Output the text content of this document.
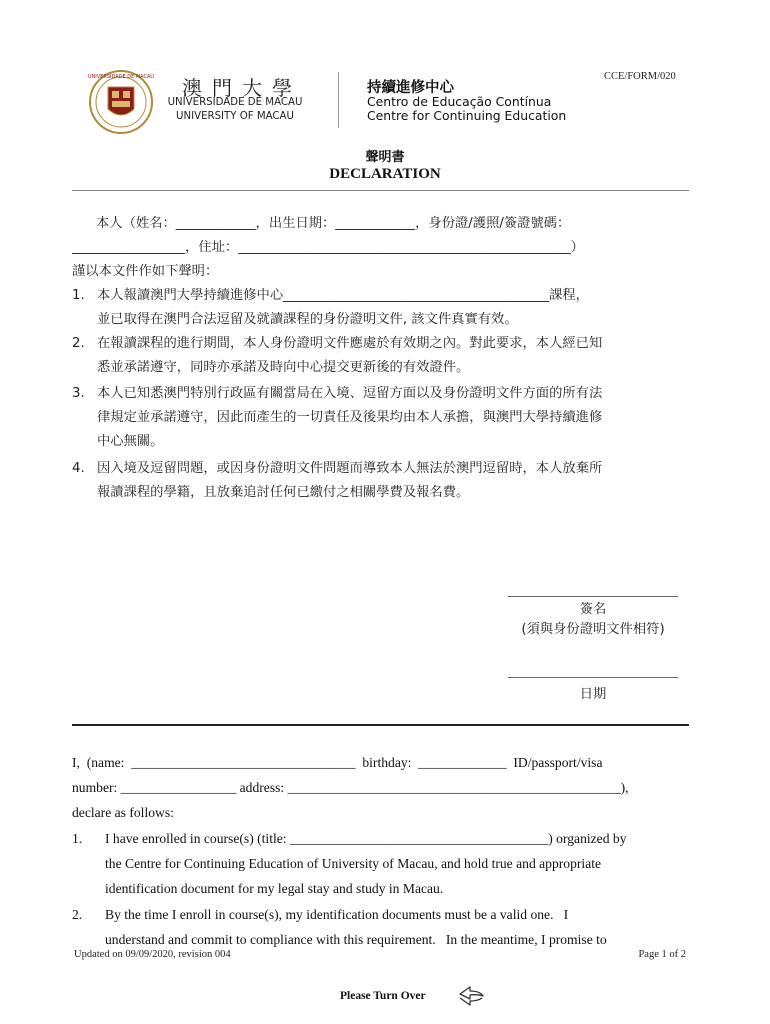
UNIVERSIDADE DE MACAU	澳門大學
UNIVERSIDADE DE MACAU
UNIVERSITY OF MACAU
持續進修中心
Centro de Educação Contínua
Centre for Continuing Education
CCE/FORM/020
聲明書
DECLARATION
本人（姓名：____________，出生日期：____________，身份證/護照/簽證號碼：
_________________，住址：__________________________________________________）
謹以本文件作如下聲明：
1. 本人報讀澳門大學持續進修中心________________________________________課程，
並已取得在澳門合法逗留及就讀課程的身份證明文件, 該文件真實有效。
2. 在報讀課程的進行期間，本人身份證明文件應處於有效期之內。對此要求，本人經已知
悉並承諾遵守，同時亦承諾及時向中心提交更新後的有效證件。
3. 本人已知悉澳門特別行政區有關當局在入境、逗留方面以及身份證明文件方面的所有法
律規定並承諾遵守，因此而產生的一切責任及後果均由本人承擔，與澳門大學持續進修
中心無關。
4. 因入境及逗留問題，或因身份證明文件問題而導致本人無法於澳門逗留時，本人放棄所
報讀課程的學籍，且放棄追討任何已繳付之相關學費及報名費。
簽名
(須與身份證明文件相符)
日期
I,  (name:  _________________________________  birthday:  _____________  ID/passport/visa
number: _________________ address: _________________________________________________),
declare as follows:
1. I have enrolled in course(s) (title: ______________________________________) organized by
the Centre for Continuing Education of University of Macau, and hold true and appropriate
identification document for my legal stay and study in Macau.
2. By the time I enroll in course(s), my identification documents must be a valid one.   I
understand and commit to compliance with this requirement.   In the meantime, I promise to
Updated on 09/09/2020, revision 004	Page 1 of 2
Please Turn Over
